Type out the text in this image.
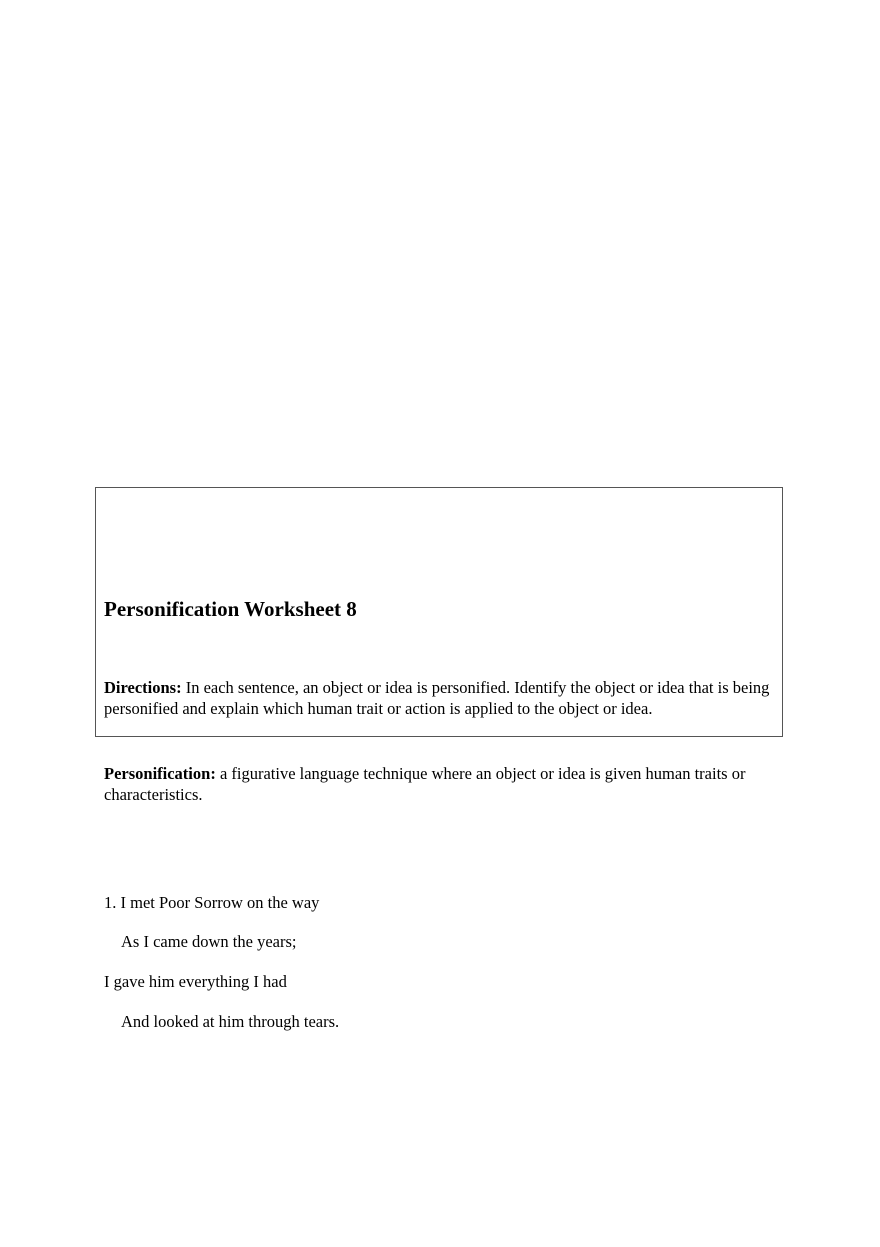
Personification Worksheet 8

Directions: In each sentence, an object or idea is personified. Identify the object or idea that is being personified and explain which human trait or action is applied to the object or idea.

Personification: a figurative language technique where an object or idea is given human traits or characteristics.

1. I met Poor Sorrow on the way

As I came down the years;

I gave him everything I had

And looked at him through tears.
